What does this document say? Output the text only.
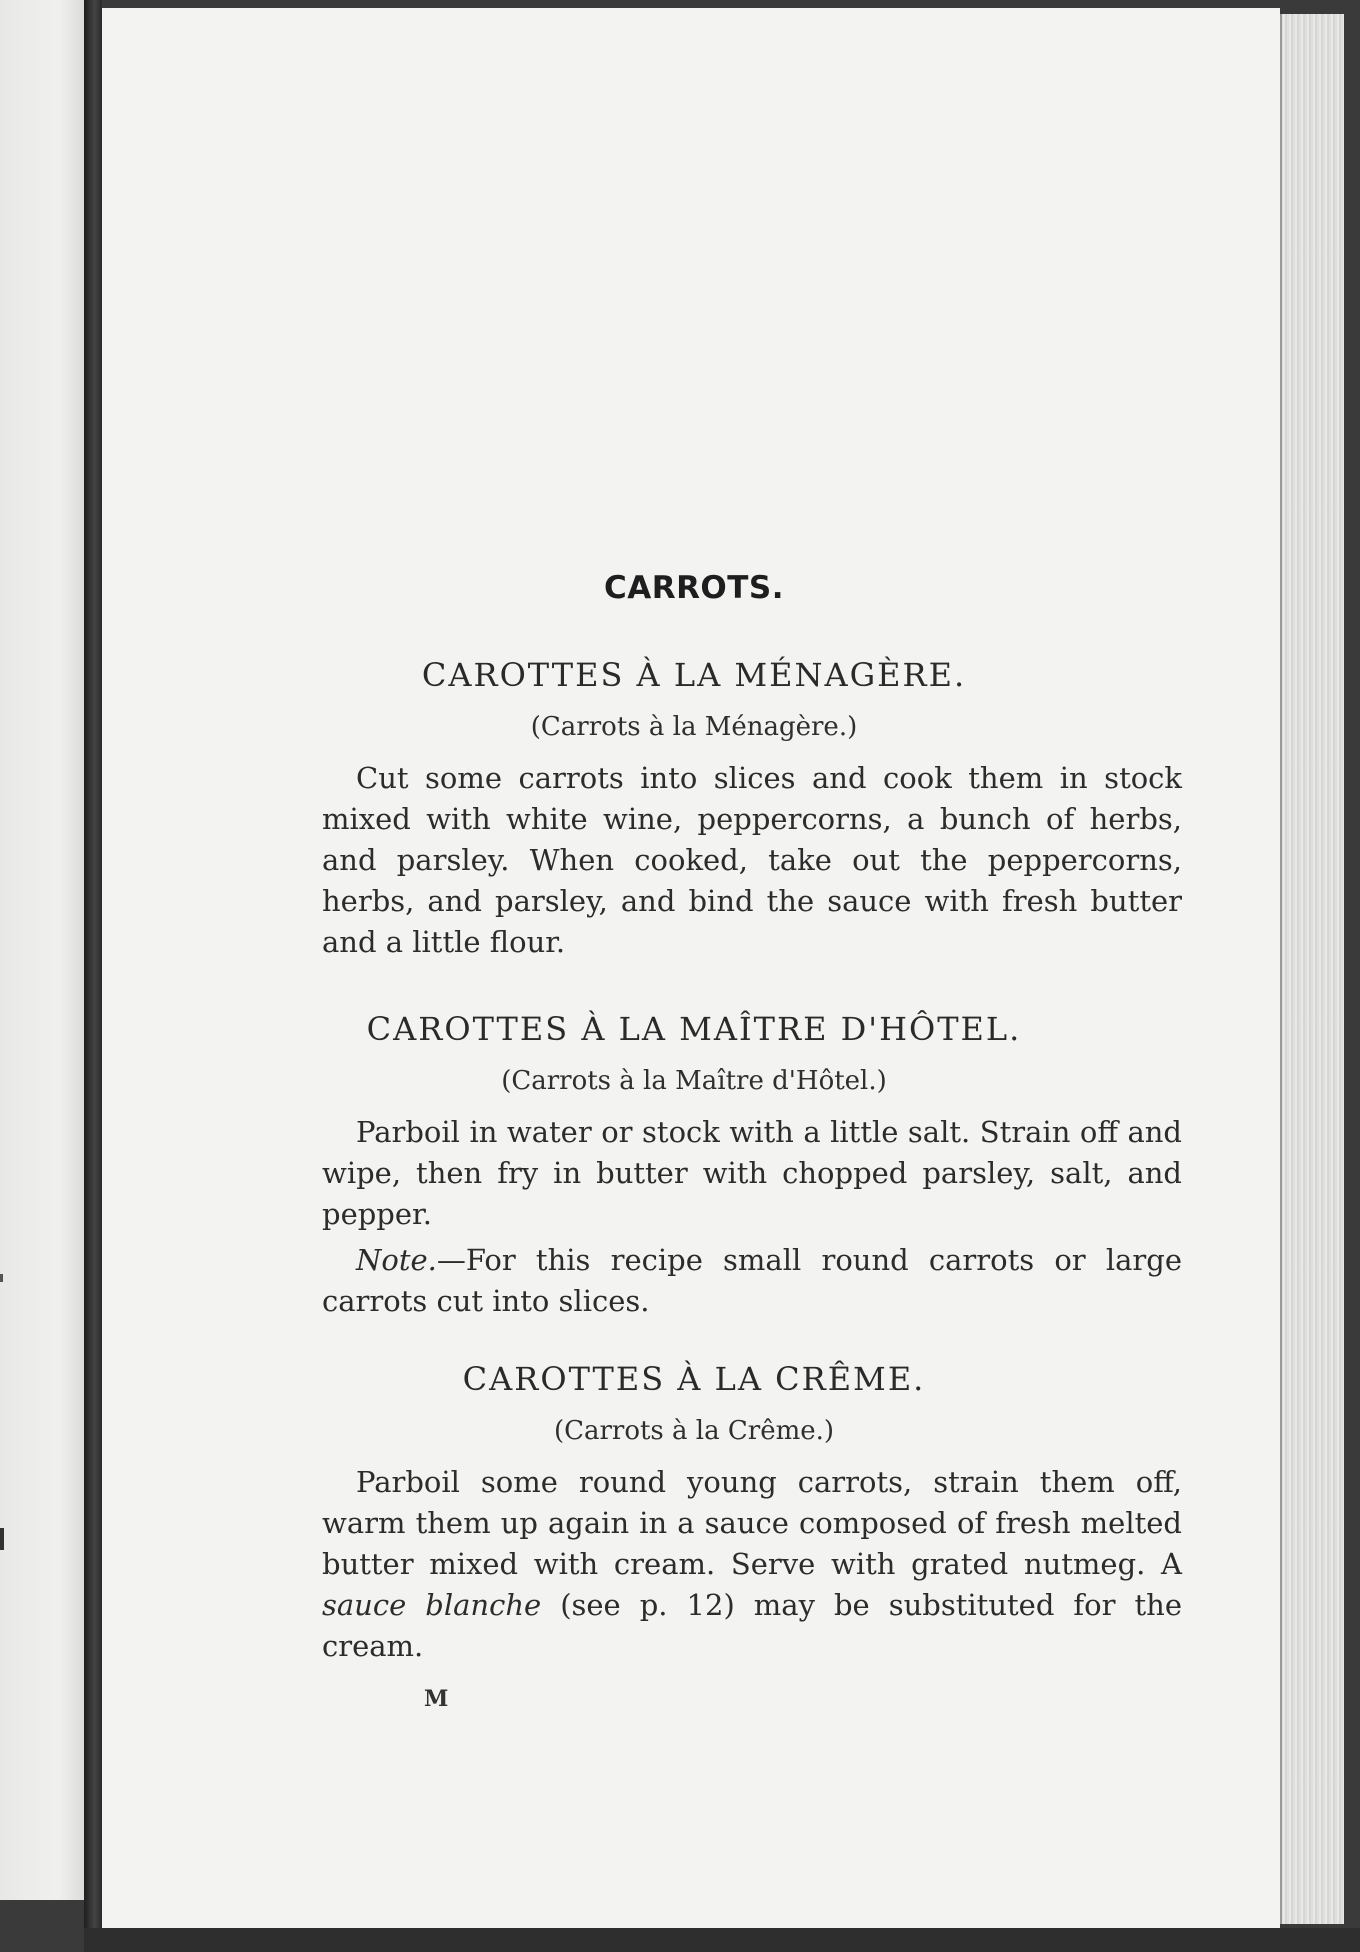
CARROTS.
CAROTTES À LA MÉNAGÈRE.
(Carrots à la Ménagère.)

Cut some carrots into slices and cook them in stock mixed with white wine, peppercorns, a bunch of herbs, and parsley. When cooked, take out the peppercorns, herbs, and parsley, and bind the sauce with fresh butter and a little flour.

CAROTTES À LA MAÎTRE D'HÔTEL.
(Carrots à la Maître d'Hôtel.)

Parboil in water or stock with a little salt. Strain off and wipe, then fry in butter with chopped parsley, salt, and pepper.

Note.—For this recipe small round carrots or large carrots cut into slices.

CAROTTES À LA CRÊME.
(Carrots à la Crême.)

Parboil some round young carrots, strain them off, warm them up again in a sauce composed of fresh melted butter mixed with cream. Serve with grated nutmeg. A sauce blanche (see p. 12) may be substituted for the cream.

M
